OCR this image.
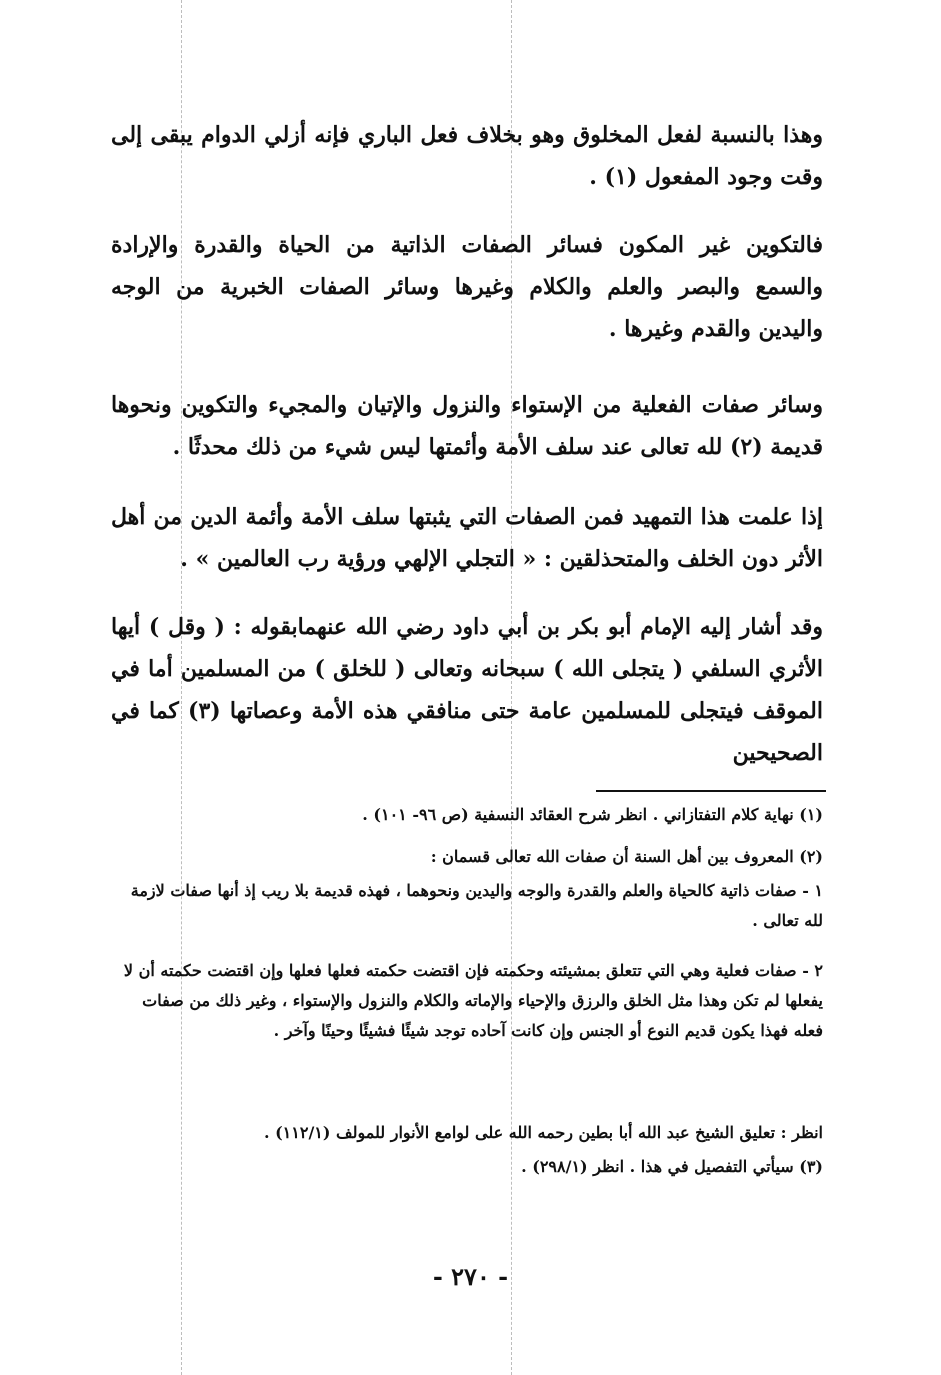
وهذا بالنسبة لفعل المخلوق وهو بخلاف فعل الباري فإنه أزلي الدوام يبقى إلى وقت وجود المفعول (١) .

فالتكوين غير المكون فسائر الصفات الذاتية من الحياة والقدرة والإرادة والسمع والبصر والعلم والكلام وغيرها وسائر الصفات الخبرية من الوجه واليدين والقدم وغيرها .

وسائر صفات الفعلية من الإستواء والنزول والإتيان والمجيء والتكوين ونحوها قديمة (٢) لله تعالى عند سلف الأمة وأئمتها ليس شيء من ذلك محدثًا .

إذا علمت هذا التمهيد فمن الصفات التي يثبتها سلف الأمة وأئمة الدين من أهل الأثر دون الخلف والمتحذلقين : « التجلي الإلهي ورؤية رب العالمين » .

وقد أشار إليه الإمام أبو بكر بن أبي داود رضي الله عنهمابقوله : ( وقل ) أيها الأثري السلفي ( يتجلى الله ) سبحانه وتعالى ( للخلق ) من المسلمين أما في الموقف فيتجلى للمسلمين عامة حتى منافقي هذه الأمة وعصاتها (٣) كما في الصحيحين

(١) نهاية كلام التفتازاني . انظر شرح العقائد النسفية (ص ٩٦- ١٠١) .

(٢) المعروف بين أهل السنة أن صفات الله تعالى قسمان :

١ - صفات ذاتية كالحياة والعلم والقدرة والوجه واليدين ونحوهما ، فهذه قديمة بلا ريب إذ أنها صفات لازمة لله تعالى .

٢ - صفات فعلية وهي التي تتعلق بمشيئته وحكمته فإن اقتضت حكمته فعلها فعلها وإن اقتضت حكمته أن لا يفعلها لم تكن وهذا مثل الخلق والرزق والإحياء والإماته والكلام والنزول والإستواء ، وغير ذلك من صفات فعله فهذا يكون قديم النوع أو الجنس وإن كانت آحاده توجد شيئًا فشيئًا وحينًا وآخر .

انظر : تعليق الشيخ عبد الله أبا بطين رحمه الله على لوامع الأنوار للمولف (١١٢/١) .

(٣) سيأتي التفصيل في هذا . انظر (٢٩٨/١) .

- ٢٧٠ -
